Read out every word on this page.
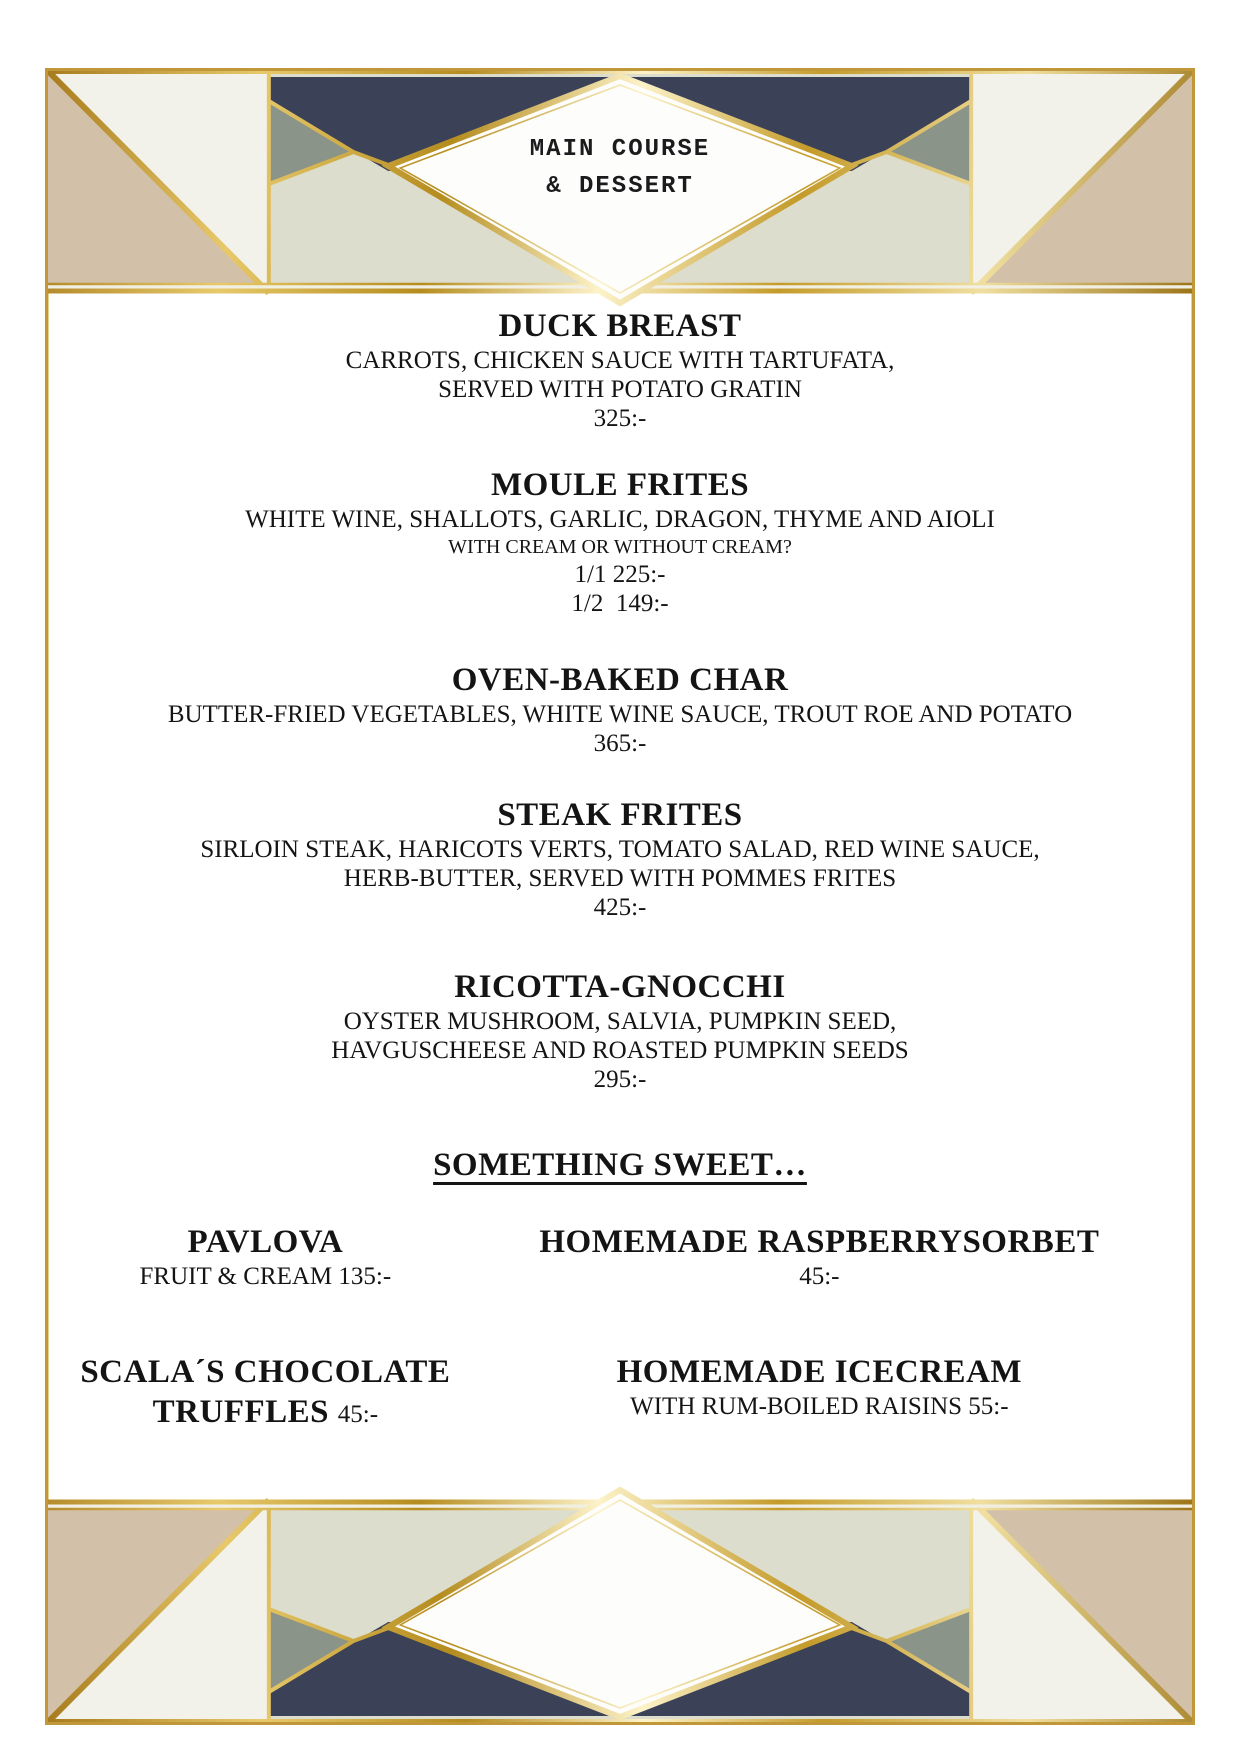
MAIN COURSE
& DESSERT
DUCK BREAST
CARROTS, CHICKEN SAUCE WITH TARTUFATA,
SERVED WITH POTATO GRATIN
325:-
MOULE FRITES
WHITE WINE, SHALLOTS, GARLIC, DRAGON, THYME AND AIOLI
WITH CREAM OR WITHOUT CREAM?
1/1 225:-
1/2  149:-
OVEN-BAKED CHAR
BUTTER-FRIED VEGETABLES, WHITE WINE SAUCE, TROUT ROE AND POTATO
365:-
STEAK FRITES
SIRLOIN STEAK, HARICOTS VERTS, TOMATO SALAD, RED WINE SAUCE,
HERB-BUTTER, SERVED WITH POMMES FRITES
425:-
RICOTTA-GNOCCHI
OYSTER MUSHROOM, SALVIA, PUMPKIN SEED,
HAVGUSCHEESE AND ROASTED PUMPKIN SEEDS
295:-
SOMETHING SWEET…
PAVLOVA
FRUIT & CREAM 135:-
HOMEMADE RASPBERRYSORBET
45:-
SCALA´S CHOCOLATE
TRUFFLES 45:-
HOMEMADE ICECREAM
WITH RUM-BOILED RAISINS 55:-
